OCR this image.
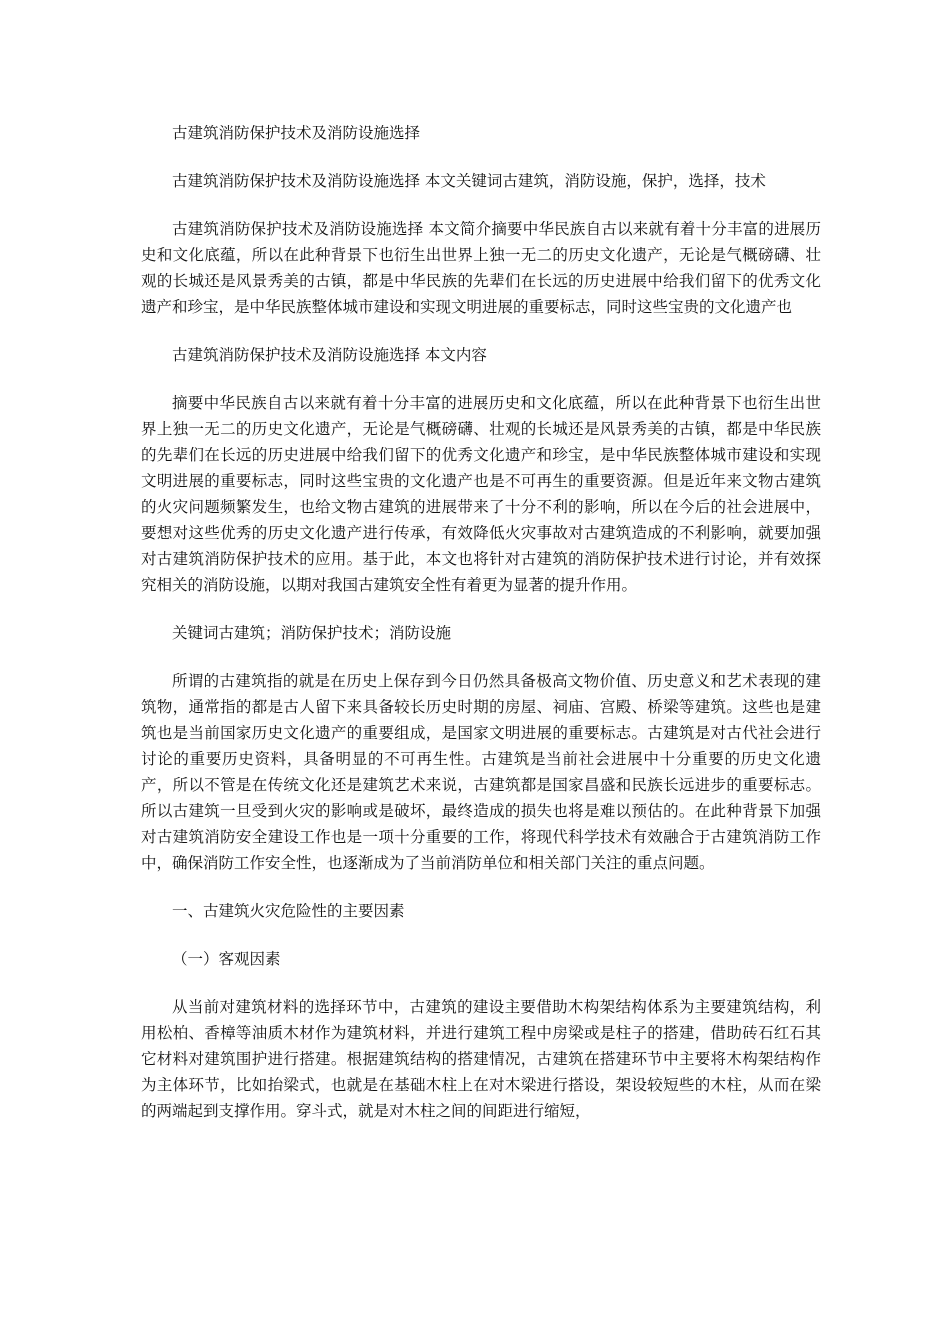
古建筑消防保护技术及消防设施选择

古建筑消防保护技术及消防设施选择 本文关键词古建筑，消防设施，保护，选择，技术

古建筑消防保护技术及消防设施选择 本文简介摘要中华民族自古以来就有着十分丰富的进展历史和文化底蕴，所以在此种背景下也衍生出世界上独一无二的历史文化遗产，无论是气概磅礴、壮观的长城还是风景秀美的古镇，都是中华民族的先辈们在长远的历史进展中给我们留下的优秀文化遗产和珍宝，是中华民族整体城市建设和实现文明进展的重要标志，同时这些宝贵的文化遗产也

古建筑消防保护技术及消防设施选择 本文内容

摘要中华民族自古以来就有着十分丰富的进展历史和文化底蕴，所以在此种背景下也衍生出世界上独一无二的历史文化遗产，无论是气概磅礴、壮观的长城还是风景秀美的古镇，都是中华民族的先辈们在长远的历史进展中给我们留下的优秀文化遗产和珍宝，是中华民族整体城市建设和实现文明进展的重要标志，同时这些宝贵的文化遗产也是不可再生的重要资源。但是近年来文物古建筑的火灾问题频繁发生，也给文物古建筑的进展带来了十分不利的影响，所以在今后的社会进展中，要想对这些优秀的历史文化遗产进行传承，有效降低火灾事故对古建筑造成的不利影响，就要加强对古建筑消防保护技术的应用。基于此，本文也将针对古建筑的消防保护技术进行讨论，并有效探究相关的消防设施，以期对我国古建筑安全性有着更为显著的提升作用。

关键词古建筑；消防保护技术；消防设施

所谓的古建筑指的就是在历史上保存到今日仍然具备极高文物价值、历史意义和艺术表现的建筑物，通常指的都是古人留下来具备较长历史时期的房屋、祠庙、宫殿、桥梁等建筑。这些也是建筑也是当前国家历史文化遗产的重要组成，是国家文明进展的重要标志。古建筑是对古代社会进行讨论的重要历史资料，具备明显的不可再生性。古建筑是当前社会进展中十分重要的历史文化遗产，所以不管是在传统文化还是建筑艺术来说，古建筑都是国家昌盛和民族长远进步的重要标志。所以古建筑一旦受到火灾的影响或是破坏，最终造成的损失也将是难以预估的。在此种背景下加强对古建筑消防安全建设工作也是一项十分重要的工作，将现代科学技术有效融合于古建筑消防工作中，确保消防工作安全性，也逐渐成为了当前消防单位和相关部门关注的重点问题。

一、古建筑火灾危险性的主要因素

（一）客观因素

从当前对建筑材料的选择环节中，古建筑的建设主要借助木构架结构体系为主要建筑结构，利用松柏、香樟等油质木材作为建筑材料，并进行建筑工程中房梁或是柱子的搭建，借助砖石红石其它材料对建筑围护进行搭建。根据建筑结构的搭建情况，古建筑在搭建环节中主要将木构架结构作为主体环节，比如抬梁式，也就是在基础木柱上在对木梁进行搭设，架设较短些的木柱，从而在梁的两端起到支撑作用。穿斗式，就是对木柱之间的间距进行缩短，
